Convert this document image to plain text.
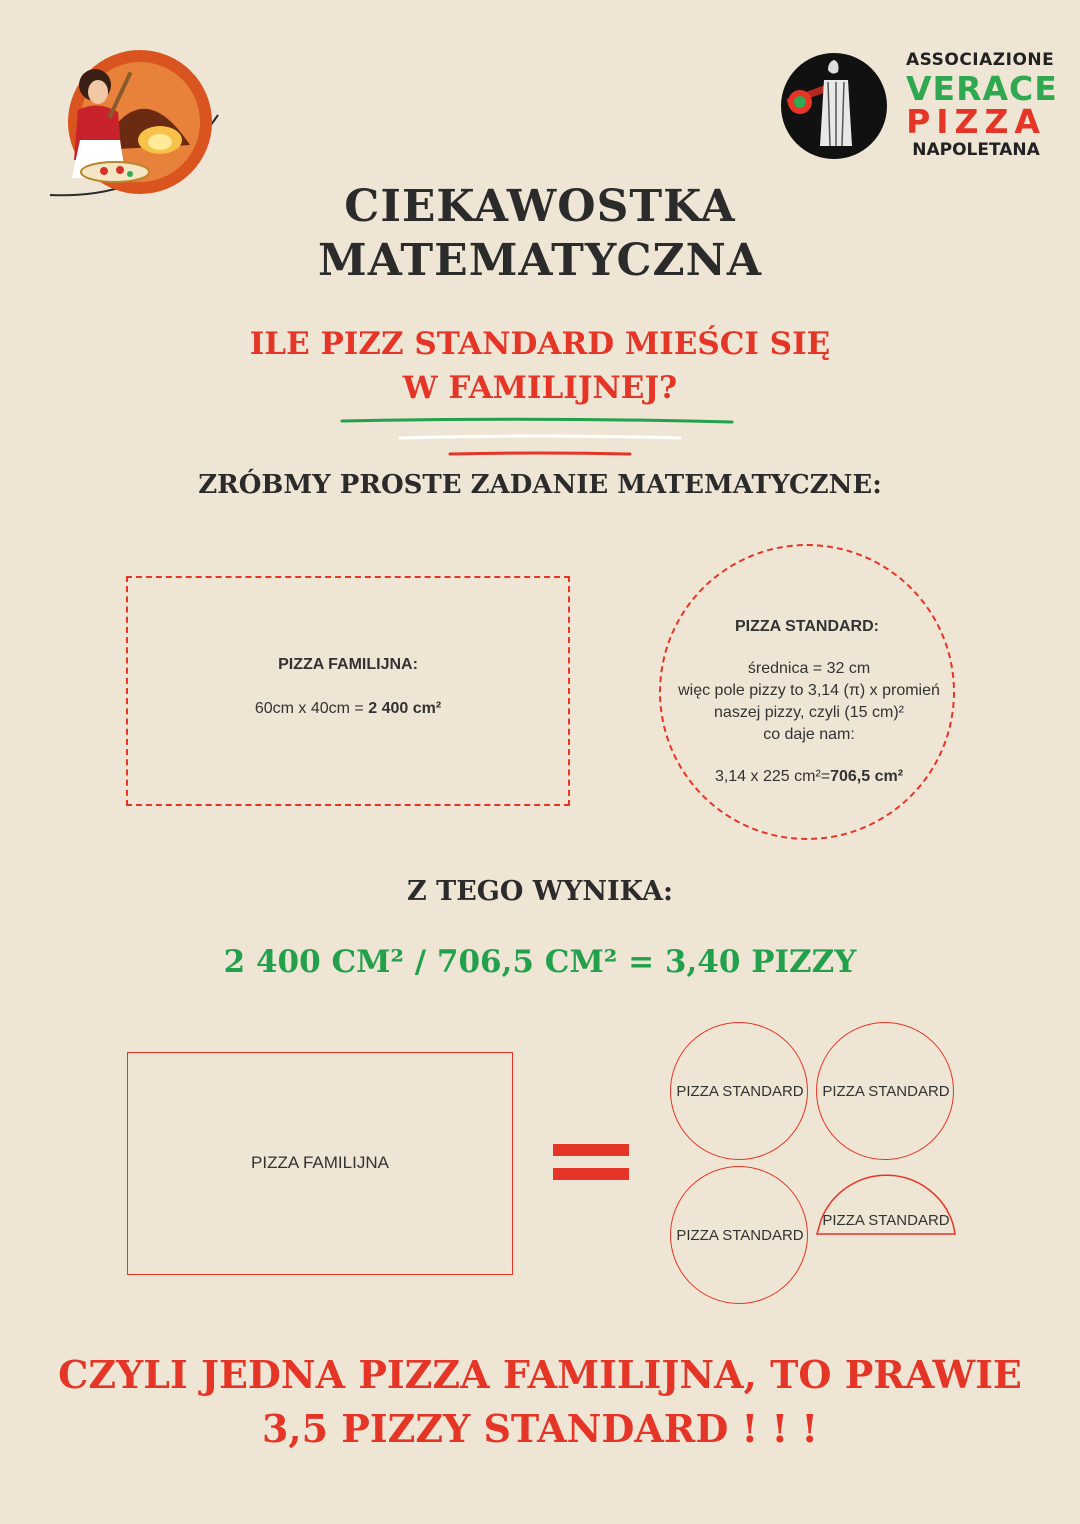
ASSOCIAZIONE
VERACE
PIZZA
NAPOLETANA
CIEKAWOSTKA
MATEMATYCZNA
ILE PIZZ STANDARD MIEŚCI SIĘ
W FAMILIJNEJ?
ZRÓBMY PROSTE ZADANIE MATEMATYCZNE:
PIZZA FAMILIJNA:
60cm x 40cm = 2 400 cm²
PIZZA STANDARD:
średnica = 32 cm
więc pole pizzy to 3,14 (π) x promień
naszej pizzy, czyli (15 cm)²
co daje nam:
3,14 x 225 cm²=706,5 cm²
Z TEGO WYNIKA:
2 400 CM² / 706,5 CM² = 3,40 PIZZY
PIZZA FAMILIJNA
PIZZA STANDARD	PIZZA STANDARD
PIZZA STANDARD
PIZZA STANDARD
CZYLI JEDNA PIZZA FAMILIJNA, TO PRAWIE
3,5 PIZZY STANDARD ! ! !
